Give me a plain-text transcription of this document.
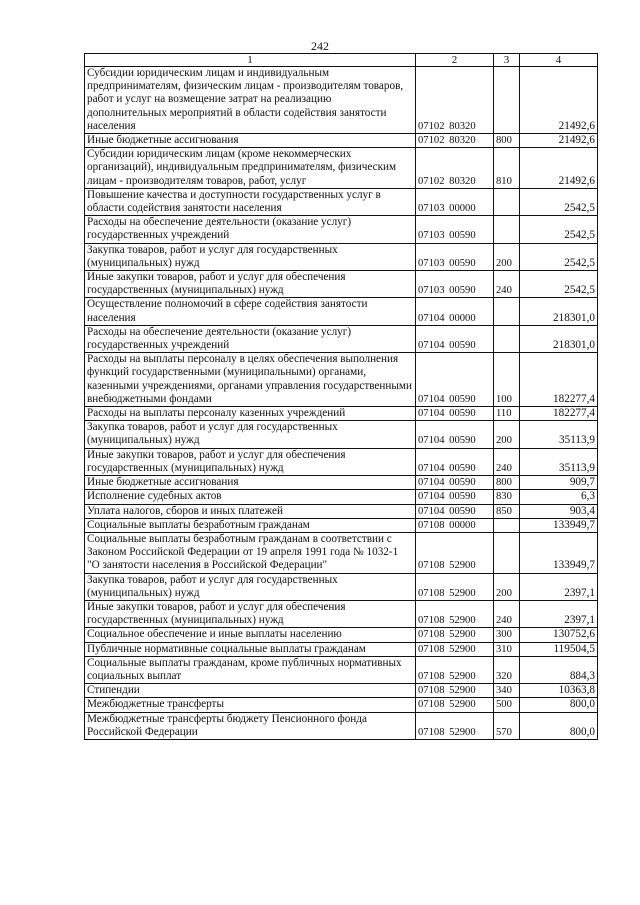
242
1	2	3	4
Субсидии юридическим лицам и индивидуальным предпринимателям, физическим лицам - производителям товаров, работ и услуг на возмещение затрат на реализацию дополнительных мероприятий в области содействия занятости населения	07102 80320		21492,6
Иные бюджетные ассигнования	07102 80320	800	21492,6
Субсидии юридическим лицам (кроме некоммерческих организаций), индивидуальным предпринимателям, физическим лицам - производителям товаров, работ, услуг	07102 80320	810	21492,6
Повышение качества и доступности государственных услуг в области содействия занятости населения	07103 00000		2542,5
Расходы на обеспечение деятельности (оказание услуг) государственных учреждений	07103 00590		2542,5
Закупка товаров, работ и услуг для государственных (муниципальных) нужд	07103 00590	200	2542,5
Иные закупки товаров, работ и услуг для обеспечения государственных (муниципальных) нужд	07103 00590	240	2542,5
Осуществление полномочий в сфере содействия занятости населения	07104 00000		218301,0
Расходы на обеспечение деятельности (оказание услуг) государственных учреждений	07104 00590		218301,0
Расходы на выплаты персоналу в целях обеспечения выполнения функций государственными (муниципальными) органами, казенными учреждениями, органами управления государственными внебюджетными фондами	07104 00590	100	182277,4
Расходы на выплаты персоналу казенных учреждений	07104 00590	110	182277,4
Закупка товаров, работ и услуг для государственных (муниципальных) нужд	07104 00590	200	35113,9
Иные закупки товаров, работ и услуг для обеспечения государственных (муниципальных) нужд	07104 00590	240	35113,9
Иные бюджетные ассигнования	07104 00590	800	909,7
Исполнение судебных актов	07104 00590	830	6,3
Уплата налогов, сборов и иных платежей	07104 00590	850	903,4
Социальные выплаты безработным гражданам	07108 00000		133949,7
Социальные выплаты безработным гражданам в соответствии с Законом Российской Федерации от 19 апреля 1991 года № 1032-1 "О занятости населения в Российской Федерации"	07108 52900		133949,7
Закупка товаров, работ и услуг для государственных (муниципальных) нужд	07108 52900	200	2397,1
Иные закупки товаров, работ и услуг для обеспечения государственных (муниципальных) нужд	07108 52900	240	2397,1
Социальное обеспечение и иные выплаты населению	07108 52900	300	130752,6
Публичные нормативные социальные выплаты гражданам	07108 52900	310	119504,5
Социальные выплаты гражданам, кроме публичных нормативных социальных выплат	07108 52900	320	884,3
Стипендии	07108 52900	340	10363,8
Межбюджетные трансферты	07108 52900	500	800,0
Межбюджетные трансферты бюджету Пенсионного фонда Российской Федерации	07108 52900	570	800,0
